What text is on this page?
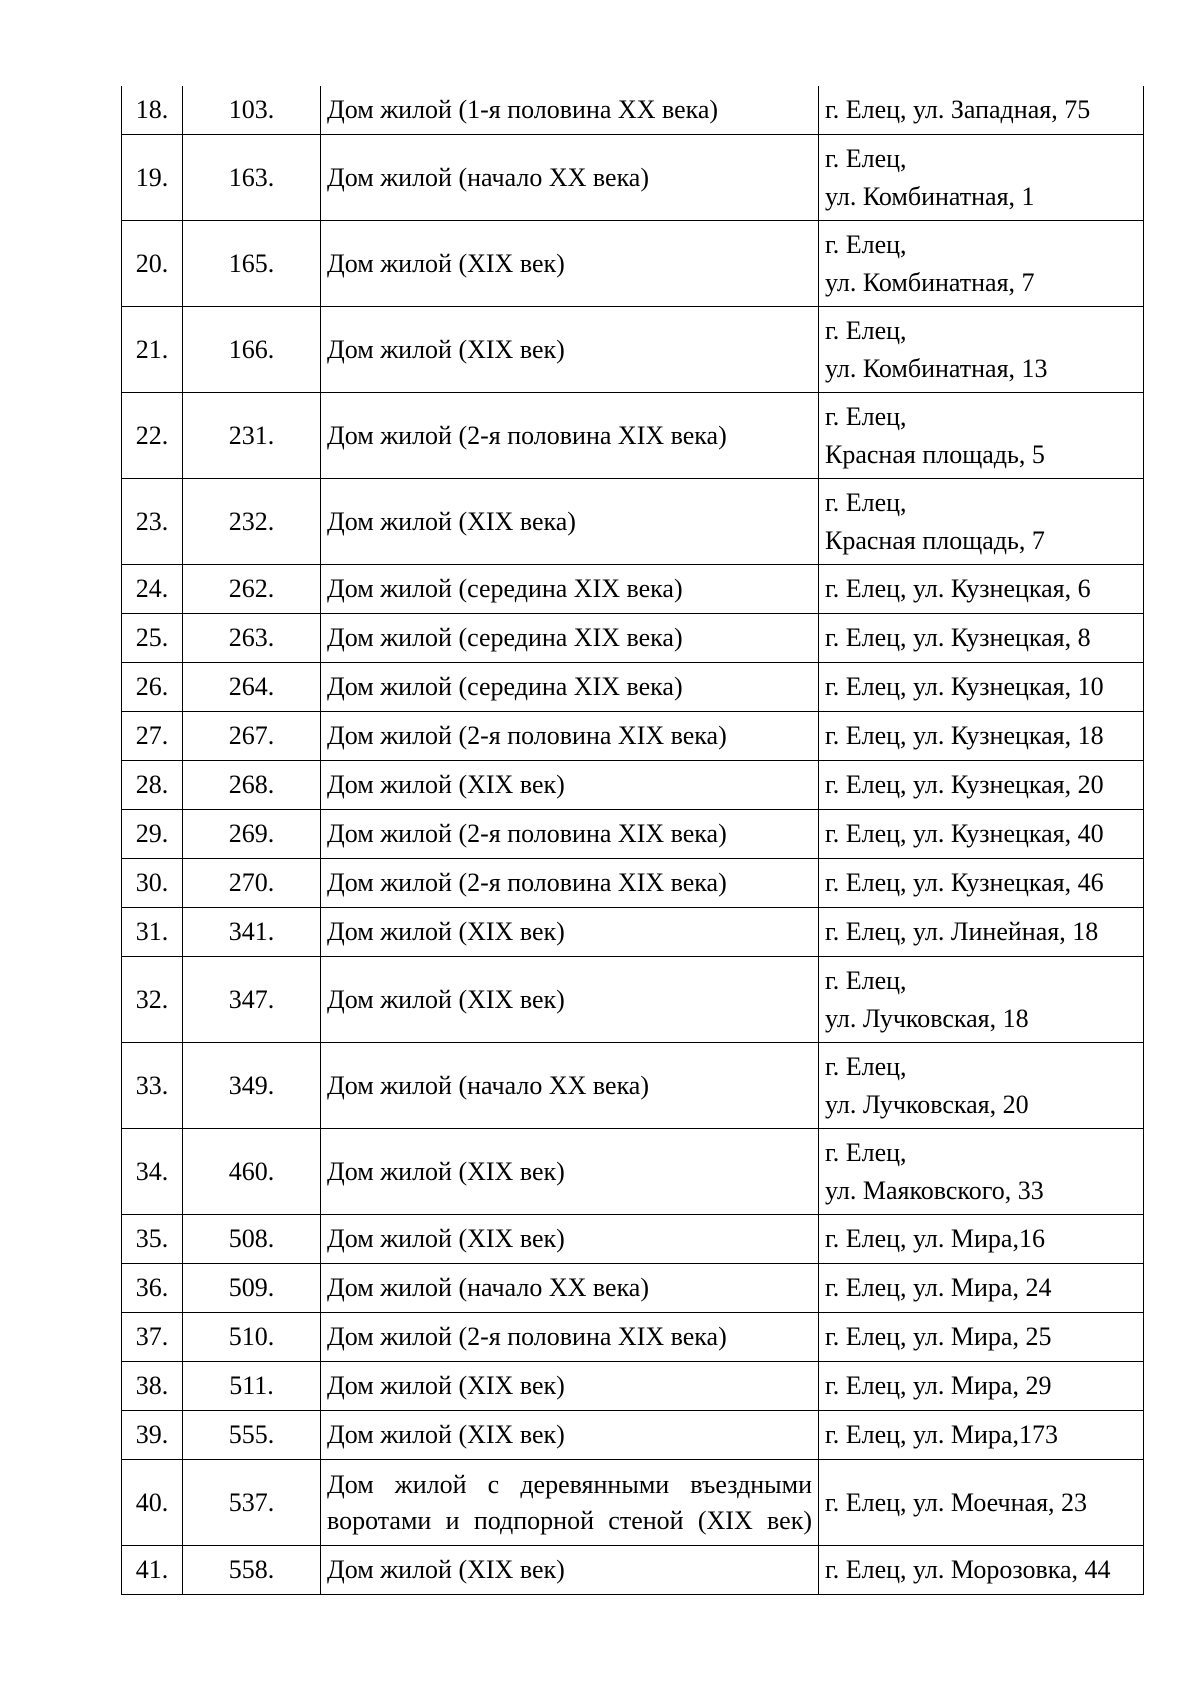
18.	103.	Дом жилой (1-я половина XX века)	г. Елец, ул. Западная, 75
19.	163.	Дом жилой (начало XX века)	г. Елец,
ул. Комбинатная, 1

20.	165.	Дом жилой (XIX век)	г. Елец,
ул. Комбинатная, 7

21.	166.	Дом жилой (XIX век)	г. Елец,
ул. Комбинатная, 13

22.	231.	Дом жилой (2-я половина XIX века)	г. Елец,
Красная площадь, 5

23.	232.	Дом жилой (XIX века)	г. Елец,
Красная площадь, 7

24.	262.	Дом жилой (середина XIX века)	г. Елец, ул. Кузнецкая, 6
25.	263.	Дом жилой (середина XIX века)	г. Елец, ул. Кузнецкая, 8
26.	264.	Дом жилой (середина XIX века)	г. Елец, ул. Кузнецкая, 10
27.	267.	Дом жилой (2-я половина XIX века)	г. Елец, ул. Кузнецкая, 18
28.	268.	Дом жилой (XIX век)	г. Елец, ул. Кузнецкая, 20
29.	269.	Дом жилой (2-я половина XIX века)	г. Елец, ул. Кузнецкая, 40
30.	270.	Дом жилой (2-я половина XIX века)	г. Елец, ул. Кузнецкая, 46
31.	341.	Дом жилой (XIX век)	г. Елец, ул. Линейная, 18
32.	347.	Дом жилой (XIX век)	г. Елец,
ул. Лучковская, 18

33.	349.	Дом жилой (начало XX века)	г. Елец,
ул. Лучковская, 20

34.	460.	Дом жилой (XIX век)	г. Елец,
ул. Маяковского, 33

35.	508.	Дом жилой (XIX век)	г. Елец, ул. Мира,16
36.	509.	Дом жилой (начало XX века)	г. Елец, ул. Мира, 24
37.	510.	Дом жилой (2-я половина XIX века)	г. Елец, ул. Мира, 25
38.	511.	Дом жилой (XIX век)	г. Елец, ул. Мира, 29
39.	555.	Дом жилой (XIX век)	г. Елец, ул. Мира,173
40.	537.	Дом жилой с деревянными въездными
воротами и подпорной стеной (XIX век)	г. Елец, ул. Моечная, 23

41.	558.	Дом жилой (XIX век)	г. Елец, ул. Морозовка, 44
